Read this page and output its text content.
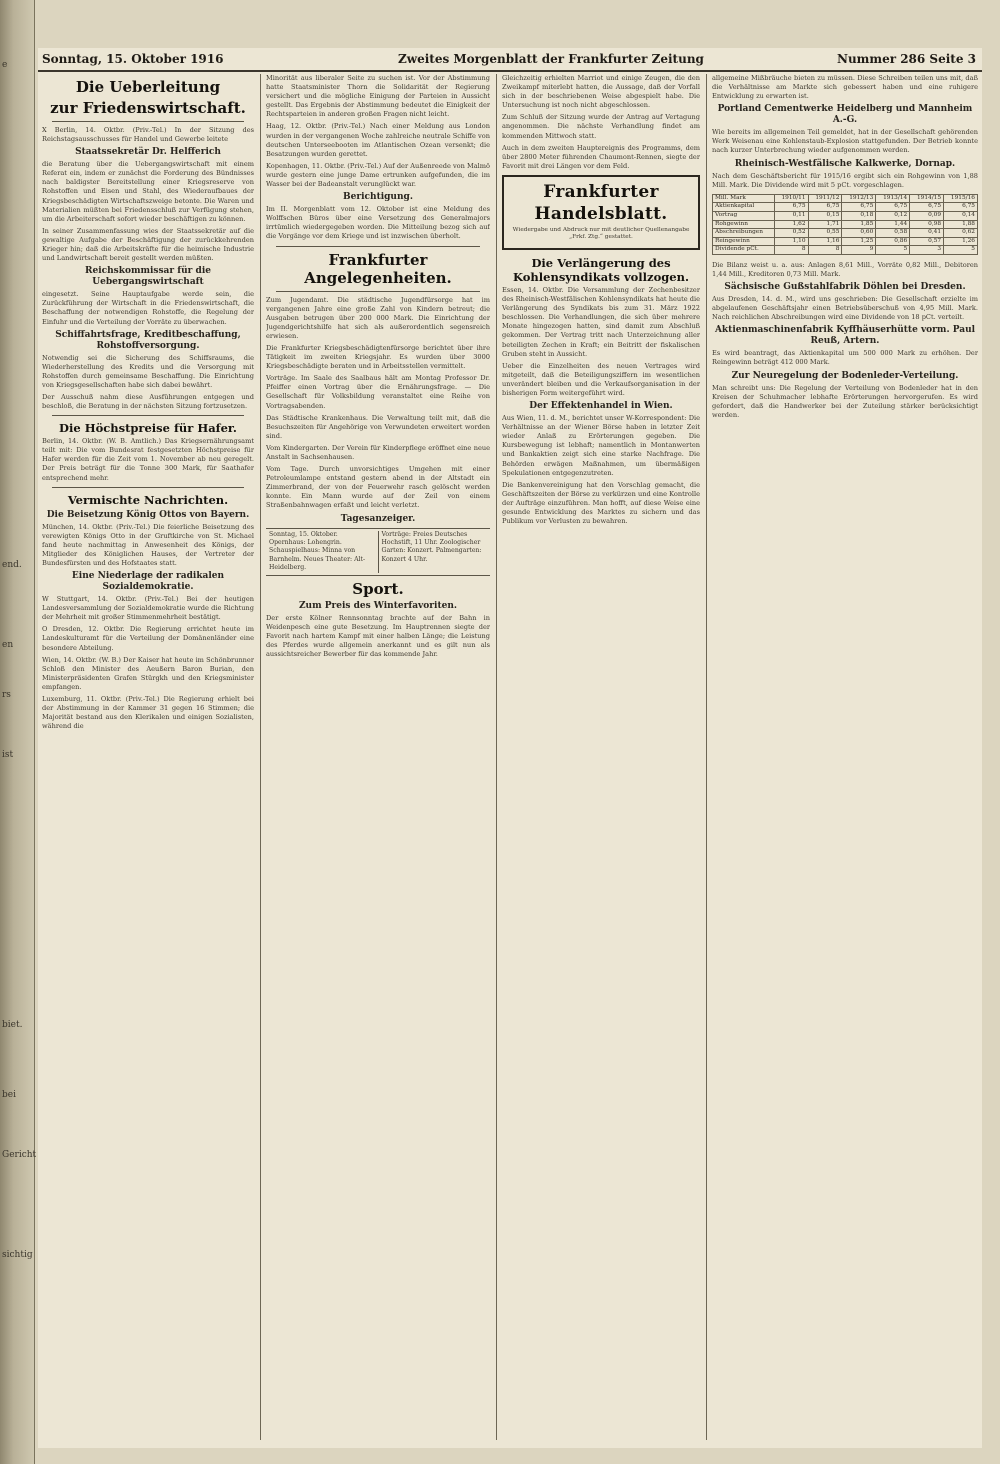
e
end.
en
rs
ist
biet.
bei
Gericht
sichtig
Sonntag, 15. Oktober 1916	Zweites Morgenblatt der Frankfurter Zeitung	Nummer 286 Seite 3
Die Ueberleitung
zur Friedenswirtschaft.

X Berlin, 14. Oktbr. (Priv.-Tel.) In der Sitzung des Reichstagsausschusses für Handel und Gewerbe leitete

Staatssekretär Dr. Helfferich

die Beratung über die Uebergangswirtschaft mit einem Referat ein, indem er zunächst die Forderung des Bündnisses nach baldigster Bereitstellung einer Kriegsreserve von Rohstoffen und Eisen und Stahl, des Wiederaufbaues der Kriegsbeschädigten Wirtschaftszweige betonte. Die Waren und Materialien müßten bei Friedensschluß zur Verfügung stehen, um die Arbeiterschaft sofort wieder beschäftigen zu können.

In seiner Zusammenfassung wies der Staatssekretär auf die gewaltige Aufgabe der Beschäftigung der zurückkehrenden Krieger hin; daß die Arbeitskräfte für die heimische Industrie und Landwirtschaft bereit gestellt werden müßten.

Reichskommissar für die Uebergangswirtschaft

eingesetzt. Seine Hauptaufgabe werde sein, die Zurückführung der Wirtschaft in die Friedenswirtschaft, die Beschaffung der notwendigen Rohstoffe, die Regelung der Einfuhr und die Verteilung der Vorräte zu überwachen.

Schiffahrtsfrage, Kreditbeschaffung, Rohstoffversorgung.

Notwendig sei die Sicherung des Schiffsraums, die Wiederherstellung des Kredits und die Versorgung mit Rohstoffen durch gemeinsame Beschaffung. Die Einrichtung von Kriegsgesellschaften habe sich dabei bewährt.

Der Ausschuß nahm diese Ausführungen entgegen und beschloß, die Beratung in der nächsten Sitzung fortzusetzen.

Die Höchstpreise für Hafer.

Berlin, 14. Oktbr. (W. B. Amtlich.) Das Kriegsernährungsamt teilt mit: Die vom Bundesrat festgesetzten Höchstpreise für Hafer werden für die Zeit vom 1. November ab neu geregelt. Der Preis beträgt für die Tonne 300 Mark, für Saathafer entsprechend mehr.

Vermischte Nachrichten.
Die Beisetzung König Ottos von Bayern.

München, 14. Oktbr. (Priv.-Tel.) Die feierliche Beisetzung des verewigten Königs Otto in der Gruftkirche von St. Michael fand heute nachmittag in Anwesenheit des Königs, der Mitglieder des Königlichen Hauses, der Vertreter der Bundesfürsten und des Hofstaates statt.

Eine Niederlage der radikalen Sozialdemokratie.

W Stuttgart, 14. Oktbr. (Priv.-Tel.) Bei der heutigen Landesversammlung der Sozialdemokratie wurde die Richtung der Mehrheit mit großer Stimmenmehrheit bestätigt.

O Dresden, 12. Oktbr. Die Regierung errichtet heute im Landeskulturamt für die Verteilung der Domänenländer eine besondere Abteilung.

Wien, 14. Oktbr. (W. B.) Der Kaiser hat heute im Schönbrunner Schloß den Minister des Aeußern Baron Burian, den Ministerpräsidenten Grafen Stürgkh und den Kriegsminister empfangen.

Luxemburg, 11. Oktbr. (Priv.-Tel.) Die Regierung erhielt bei der Abstimmung in der Kammer 31 gegen 16 Stimmen; die Majorität bestand aus den Klerikalen und einigen Sozialisten, während die

Minorität aus liberaler Seite zu suchen ist. Vor der Abstimmung hatte Staatsminister Thorn die Solidarität der Regierung versichert und die mögliche Einigung der Parteien in Aussicht gestellt. Das Ergebnis der Abstimmung bedeutet die Einigkeit der Rechtsparteien in anderen großen Fragen nicht leicht.

Haag, 12. Oktbr. (Priv.-Tel.) Nach einer Meldung aus London wurden in der vergangenen Woche zahlreiche neutrale Schiffe von deutschen Unterseebooten im Atlantischen Ozean versenkt; die Besatzungen wurden gerettet.

Kopenhagen, 11. Oktbr. (Priv.-Tel.) Auf der Außenreede von Malmö wurde gestern eine junge Dame ertrunken aufgefunden, die im Wasser bei der Badeanstalt verunglückt war.

Berichtigung.

Im II. Morgenblatt vom 12. Oktober ist eine Meldung des Wolffschen Büros über eine Versetzung des Generalmajors irrtümlich wiedergegeben worden. Die Mitteilung bezog sich auf die Vorgänge vor dem Kriege und ist inzwischen überholt.

Frankfurter Angelegenheiten.

Zum Jugendamt. Die städtische Jugendfürsorge hat im vergangenen Jahre eine große Zahl von Kindern betreut; die Ausgaben betrugen über 200 000 Mark. Die Einrichtung der Jugendgerichtshilfe hat sich als außerordentlich segensreich erwiesen.

Die Frankfurter Kriegsbeschädigtenfürsorge berichtet über ihre Tätigkeit im zweiten Kriegsjahr. Es wurden über 3000 Kriegsbeschädigte beraten und in Arbeitsstellen vermittelt.

Vorträge. Im Saale des Saalbaus hält am Montag Professor Dr. Pfeiffer einen Vortrag über die Ernährungsfrage. — Die Gesellschaft für Volksbildung veranstaltet eine Reihe von Vortragsabenden.

Das Städtische Krankenhaus. Die Verwaltung teilt mit, daß die Besuchszeiten für Angehörige von Verwundeten erweitert worden sind.

Vom Kindergarten. Der Verein für Kinderpflege eröffnet eine neue Anstalt in Sachsenhausen.

Vom Tage. Durch unvorsichtiges Umgehen mit einer Petroleumlampe entstand gestern abend in der Altstadt ein Zimmerbrand, der von der Feuerwehr rasch gelöscht werden konnte. Ein Mann wurde auf der Zeil von einem Straßenbahnwagen erfaßt und leicht verletzt.

Tagesanzeiger.
Sonntag, 15. Oktober. Opernhaus: Lohengrin. Schauspielhaus: Minna von Barnhelm. Neues Theater: Alt-Heidelberg.
Vorträge: Freies Deutsches Hochstift, 11 Uhr. Zoologischer Garten: Konzert. Palmengarten: Konzert 4 Uhr.
Sport.
Zum Preis des Winterfavoriten.

Der erste Kölner Rennsonntag brachte auf der Bahn in Weidenpesch eine gute Besetzung. Im Hauptrennen siegte der Favorit nach hartem Kampf mit einer halben Länge; die Leistung des Pferdes wurde allgemein anerkannt und es gilt nun als aussichtsreicher Bewerber für das kommende Jahr.

Gleichzeitig erhielten Marriot und einige Zeugen, die den Zweikampf miterlebt hatten, die Aussage, daß der Vorfall sich in der beschriebenen Weise abgespielt habe. Die Untersuchung ist noch nicht abgeschlossen.

Zum Schluß der Sitzung wurde der Antrag auf Vertagung angenommen. Die nächste Verhandlung findet am kommenden Mittwoch statt.

Auch in dem zweiten Hauptereignis des Programms, dem über 2800 Meter führenden Chaumont-Rennen, siegte der Favorit mit drei Längen vor dem Feld.

Frankfurter Handelsblatt.
Wiedergabe und Abdruck nur mit deutlicher Quellenangabe „Frkf. Ztg.“ gestattet.
Die Verlängerung des Kohlensyndikats vollzogen.

Essen, 14. Oktbr. Die Versammlung der Zechenbesitzer des Rheinisch-Westfälischen Kohlensyndikats hat heute die Verlängerung des Syndikats bis zum 31. März 1922 beschlossen. Die Verhandlungen, die sich über mehrere Monate hingezogen hatten, sind damit zum Abschluß gekommen. Der Vertrag tritt nach Unterzeichnung aller beteiligten Zechen in Kraft; ein Beitritt der fiskalischen Gruben steht in Aussicht.

Ueber die Einzelheiten des neuen Vertrages wird mitgeteilt, daß die Beteiligungsziffern im wesentlichen unverändert bleiben und die Verkaufsorganisation in der bisherigen Form weitergeführt wird.

Der Effektenhandel in Wien.

Aus Wien, 11. d. M., berichtet unser W-Korrespondent: Die Verhältnisse an der Wiener Börse haben in letzter Zeit wieder Anlaß zu Erörterungen gegeben. Die Kursbewegung ist lebhaft; namentlich in Montanwerten und Bankaktien zeigt sich eine starke Nachfrage. Die Behörden erwägen Maßnahmen, um übermäßigen Spekulationen entgegenzutreten.

Die Bankenvereinigung hat den Vorschlag gemacht, die Geschäftszeiten der Börse zu verkürzen und eine Kontrolle der Aufträge einzuführen. Man hofft, auf diese Weise eine gesunde Entwicklung des Marktes zu sichern und das Publikum vor Verlusten zu bewahren.

allgemeine Mißbräuche bieten zu müssen. Diese Schreiben teilen uns mit, daß die Verhältnisse am Markte sich gebessert haben und eine ruhigere Entwicklung zu erwarten ist.

Portland Cementwerke Heidelberg und Mannheim A.-G.

Wie bereits im allgemeinen Teil gemeldet, hat in der Gesellschaft gehörenden Werk Weisenau eine Kohlenstaub-Explosion stattgefunden. Der Betrieb konnte nach kurzer Unterbrechung wieder aufgenommen werden.

Rheinisch-Westfälische Kalkwerke, Dornap.

Nach dem Geschäftsbericht für 1915/16 ergibt sich ein Rohgewinn von 1,88 Mill. Mark. Die Dividende wird mit 5 pCt. vorgeschlagen.

Mill. Mark	1910/11	1911/12	1912/13	1913/14	1914/15	1915/16
Aktienkapital	6,75	6,75	6,75	6,75	6,75	6,75
Vortrag	0,11	0,15	0,18	0,12	0,09	0,14
Rohgewinn	1,62	1,71	1,85	1,44	0,98	1,88
Abschreibungen	0,52	0,55	0,60	0,58	0,41	0,62
Reingewinn	1,10	1,16	1,25	0,86	0,57	1,26
Dividende pCt.	8	8	9	5	3	5

Die Bilanz weist u. a. aus: Anlagen 8,61 Mill., Vorräte 0,82 Mill., Debitoren 1,44 Mill., Kreditoren 0,73 Mill. Mark.

Sächsische Gußstahlfabrik Döhlen bei Dresden.

Aus Dresden, 14. d. M., wird uns geschrieben: Die Gesellschaft erzielte im abgelaufenen Geschäftsjahr einen Betriebsüberschuß von 4,95 Mill. Mark. Nach reichlichen Abschreibungen wird eine Dividende von 18 pCt. verteilt.

Aktienmaschinenfabrik Kyffhäuserhütte vorm. Paul Reuß, Artern.

Es wird beantragt, das Aktienkapital um 500 000 Mark zu erhöhen. Der Reingewinn beträgt 412 000 Mark.

Zur Neuregelung der Bodenleder-Verteilung.

Man schreibt uns: Die Regelung der Verteilung von Bodenleder hat in den Kreisen der Schuhmacher lebhafte Erörterungen hervorgerufen. Es wird gefordert, daß die Handwerker bei der Zuteilung stärker berücksichtigt werden.
